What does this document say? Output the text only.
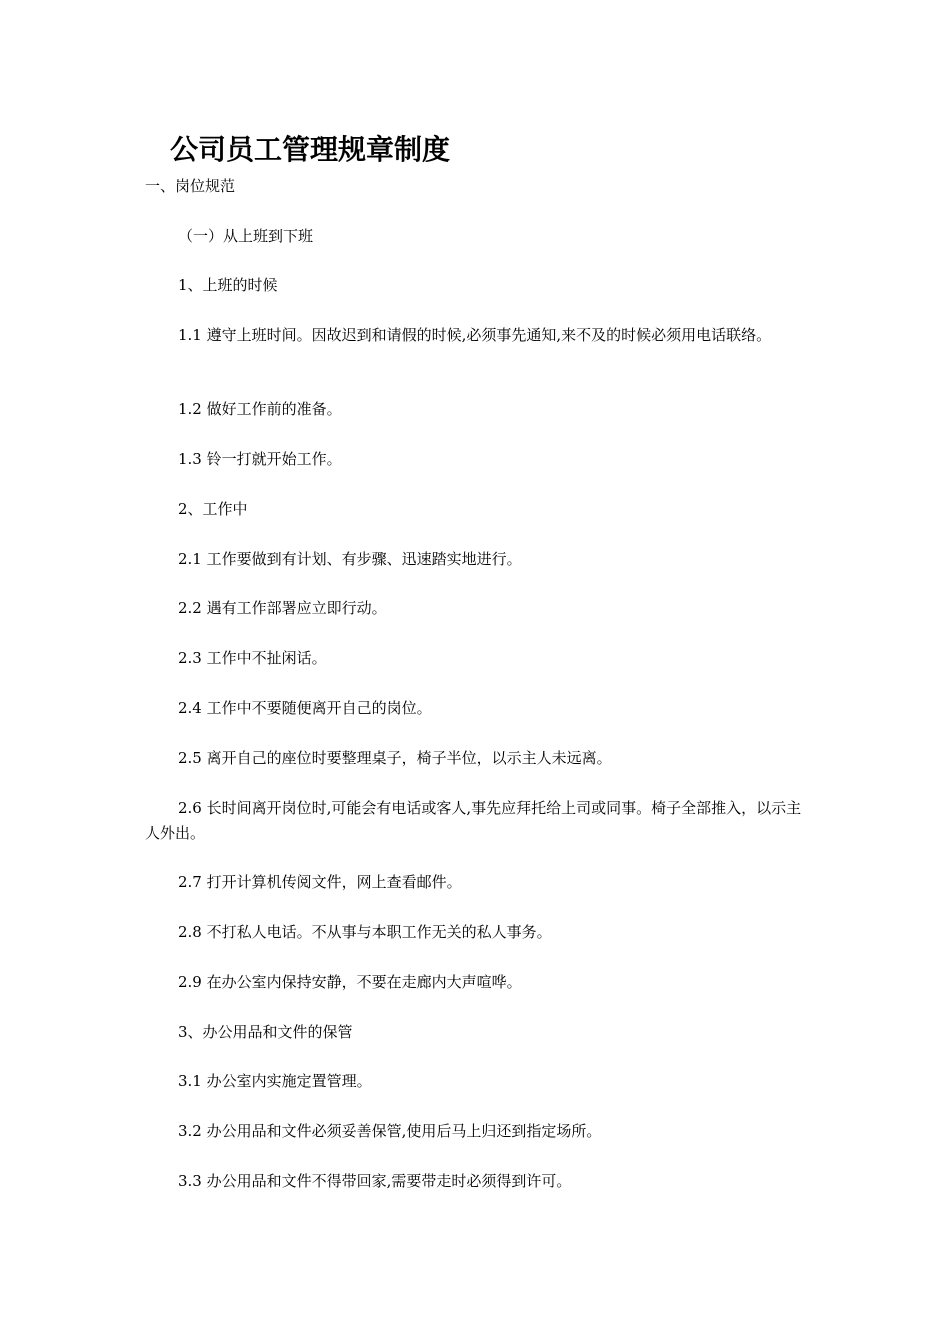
公司员工管理规章制度
一、岗位规范
（一）从上班到下班
1、上班的时候
1.1 遵守上班时间。因故迟到和请假的时候,必须事先通知,来不及的时候必须用电话联络。
1.2 做好工作前的准备。
1.3 铃一打就开始工作。
2、工作中
2.1 工作要做到有计划、有步骤、迅速踏实地进行。
2.2 遇有工作部署应立即行动。
2.3 工作中不扯闲话。
2.4 工作中不要随便离开自己的岗位。
2.5 离开自己的座位时要整理桌子，椅子半位，以示主人未远离。
2.6 长时间离开岗位时,可能会有电话或客人,事先应拜托给上司或同事。椅子全部推入，以示主人外出。
2.7 打开计算机传阅文件，网上查看邮件。
2.8 不打私人电话。不从事与本职工作无关的私人事务。
2.9 在办公室内保持安静，不要在走廊内大声喧哗。
3、办公用品和文件的保管
3.1 办公室内实施定置管理。
3.2 办公用品和文件必须妥善保管,使用后马上归还到指定场所。
3.3 办公用品和文件不得带回家,需要带走时必须得到许可。
